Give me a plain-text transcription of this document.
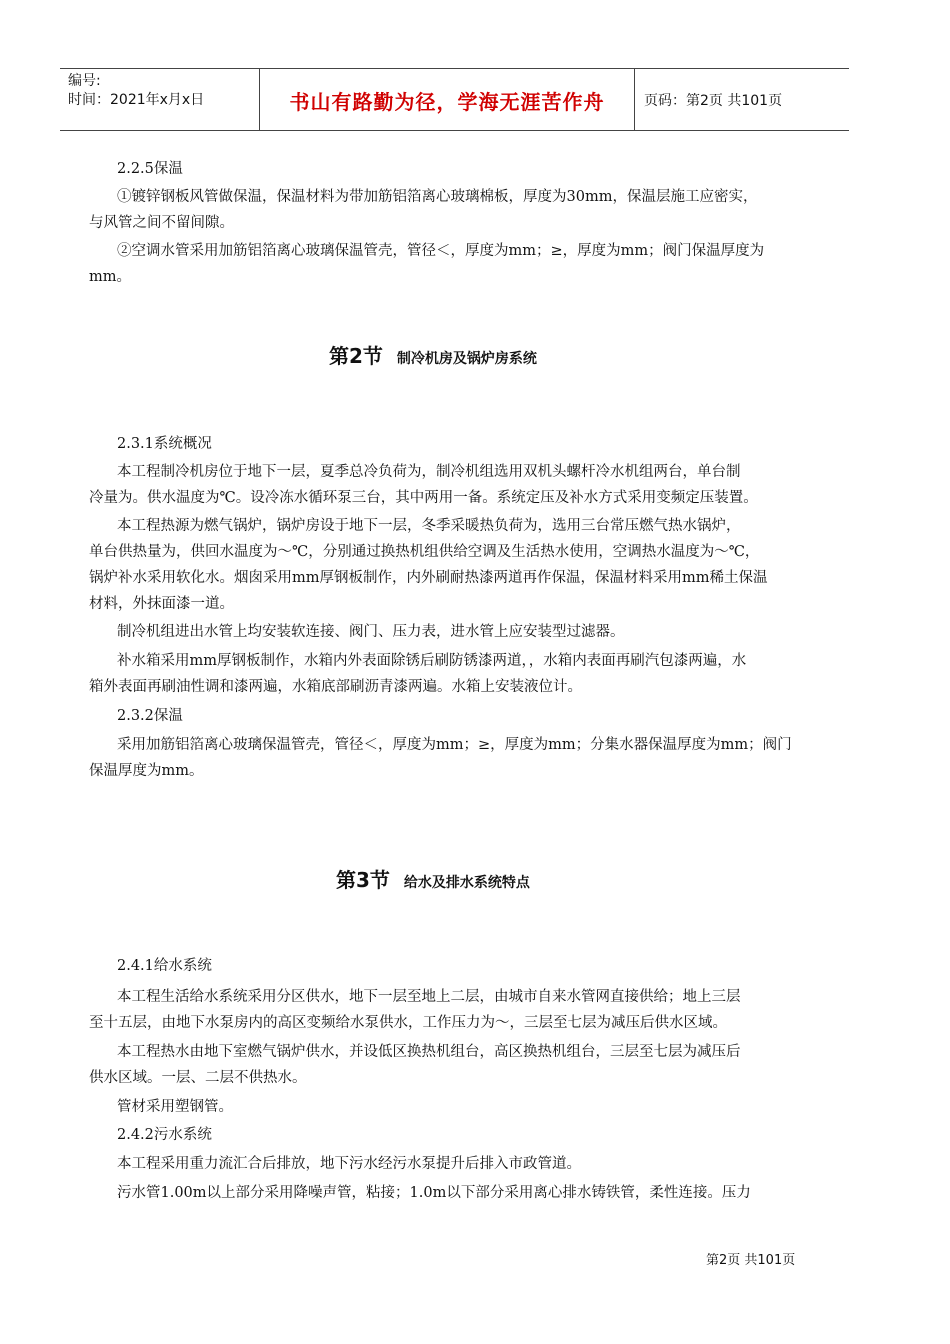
编号:
时间：2021年x月x日	书山有路勤为径，学海无涯苦作舟	页码：第2页 共101页
2.2.5保温
①镀锌钢板风管做保温，保温材料为带加筋铝箔离心玻璃棉板，厚度为30mm，保温层施工应密实，
与风管之间不留间隙。
②空调水管采用加筋铝箔离心玻璃保温管壳，管径＜，厚度为mm；≥，厚度为mm；阀门保温厚度为
mm。
第2节 制冷机房及锅炉房系统
2.3.1系统概况
本工程制冷机房位于地下一层，夏季总冷负荷为，制冷机组选用双机头螺杆冷水机组两台，单台制
冷量为。供水温度为℃。设冷冻水循环泵三台，其中两用一备。系统定压及补水方式采用变频定压装置。
本工程热源为燃气锅炉，锅炉房设于地下一层，冬季采暖热负荷为，选用三台常压燃气热水锅炉，
单台供热量为，供回水温度为～℃，分别通过换热机组供给空调及生活热水使用，空调热水温度为～℃，
锅炉补水采用软化水。烟囱采用mm厚钢板制作，内外刷耐热漆两道再作保温，保温材料采用mm稀土保温
材料，外抹面漆一道。
制冷机组进出水管上均安装软连接、阀门、压力表，进水管上应安装型过滤器。
补水箱采用mm厚钢板制作，水箱内外表面除锈后刷防锈漆两道，，水箱内表面再刷汽包漆两遍，水
箱外表面再刷油性调和漆两遍，水箱底部刷沥青漆两遍。水箱上安装液位计。
2.3.2保温
采用加筋铝箔离心玻璃保温管壳，管径＜，厚度为mm；≥，厚度为mm；分集水器保温厚度为mm；阀门
保温厚度为mm。
第3节 给水及排水系统特点
2.4.1给水系统
本工程生活给水系统采用分区供水，地下一层至地上二层，由城市自来水管网直接供给；地上三层
至十五层，由地下水泵房内的高区变频给水泵供水，工作压力为～，三层至七层为减压后供水区域。
本工程热水由地下室燃气锅炉供水，并设低区换热机组台，高区换热机组台，三层至七层为减压后
供水区域。一层、二层不供热水。
管材采用塑钢管。
2.4.2污水系统
本工程采用重力流汇合后排放，地下污水经污水泵提升后排入市政管道。
污水管1.00m以上部分采用降噪声管，粘接；1.0m以下部分采用离心排水铸铁管，柔性连接。压力
第2页 共101页
